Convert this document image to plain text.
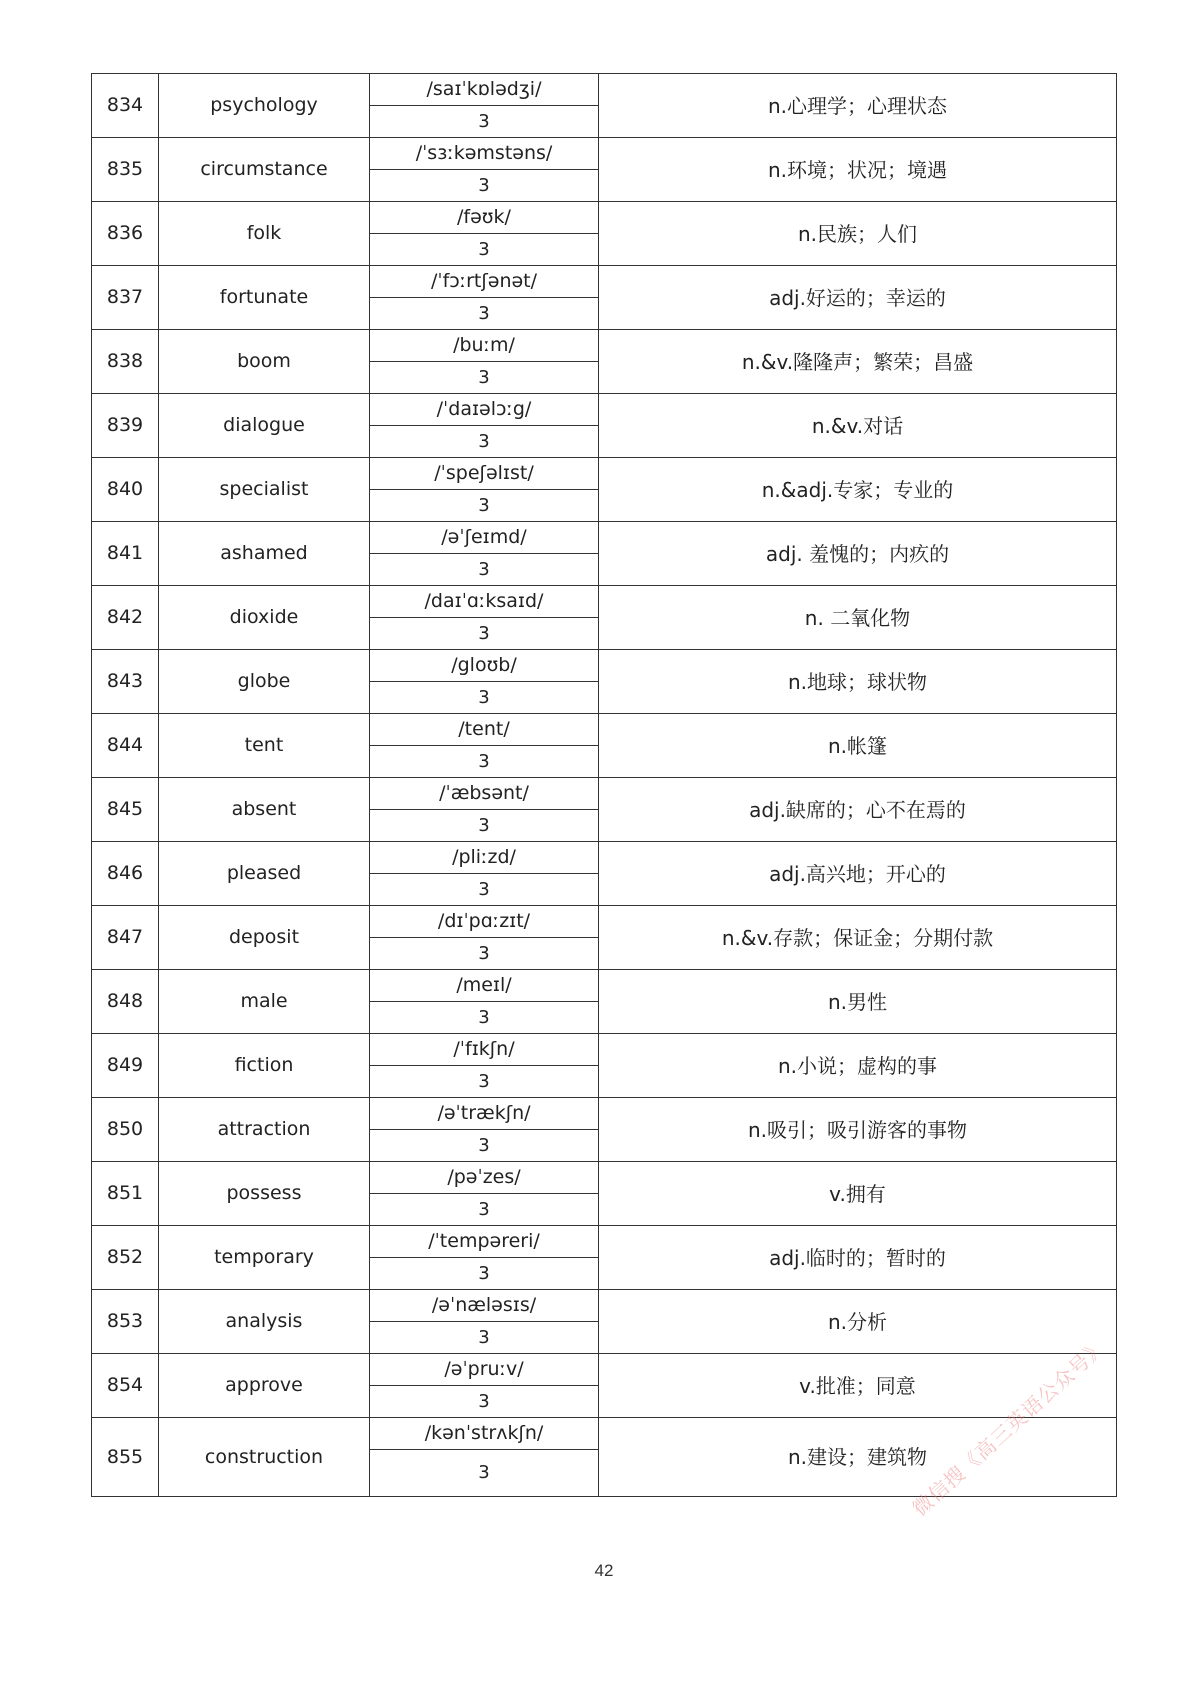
834	psychology	/saɪˈkɒlədʒi/	n.心理学；心理状态
		3	
835	circumstance	/ˈsɜːkəmstəns/	n.环境；状况；境遇
		3	
836	folk	/fəʊk/	n.民族；人们
		3	
837	fortunate	/ˈfɔːrtʃənət/	adj.好运的；幸运的
		3	
838	boom	/buːm/	n.&v.隆隆声；繁荣；昌盛
		3	
839	dialogue	/ˈdaɪəlɔːg/	n.&v.对话
		3	
840	specialist	/ˈspeʃəlɪst/	n.&adj.专家；专业的
		3	
841	ashamed	/əˈʃeɪmd/	adj. 羞愧的；内疚的
		3	
842	dioxide	/daɪˈɑːksaɪd/	n. 二氧化物
		3	
843	globe	/gloʊb/	n.地球；球状物
		3	
844	tent	/tent/	n.帐篷
		3	
845	absent	/ˈæbsənt/	adj.缺席的；心不在焉的
		3	
846	pleased	/pliːzd/	adj.高兴地；开心的
		3	
847	deposit	/dɪˈpɑːzɪt/	n.&v.存款；保证金；分期付款
		3	
848	male	/meɪl/	n.男性
		3	
849	fiction	/ˈfɪkʃn/	n.小说；虚构的事
		3	
850	attraction	/əˈtrækʃn/	n.吸引；吸引游客的事物
		3	
851	possess	/pəˈzes/	v.拥有
		3	
852	temporary	/ˈtempəreri/	adj.临时的；暂时的
		3	
853	analysis	/əˈnæləsɪs/	n.分析
		3	
854	approve	/əˈpruːv/	v.批准；同意
		3	
855	construction	/kənˈstrʌkʃn/	n.建设；建筑物
		3	
42
微信搜《高三英语公众号》
